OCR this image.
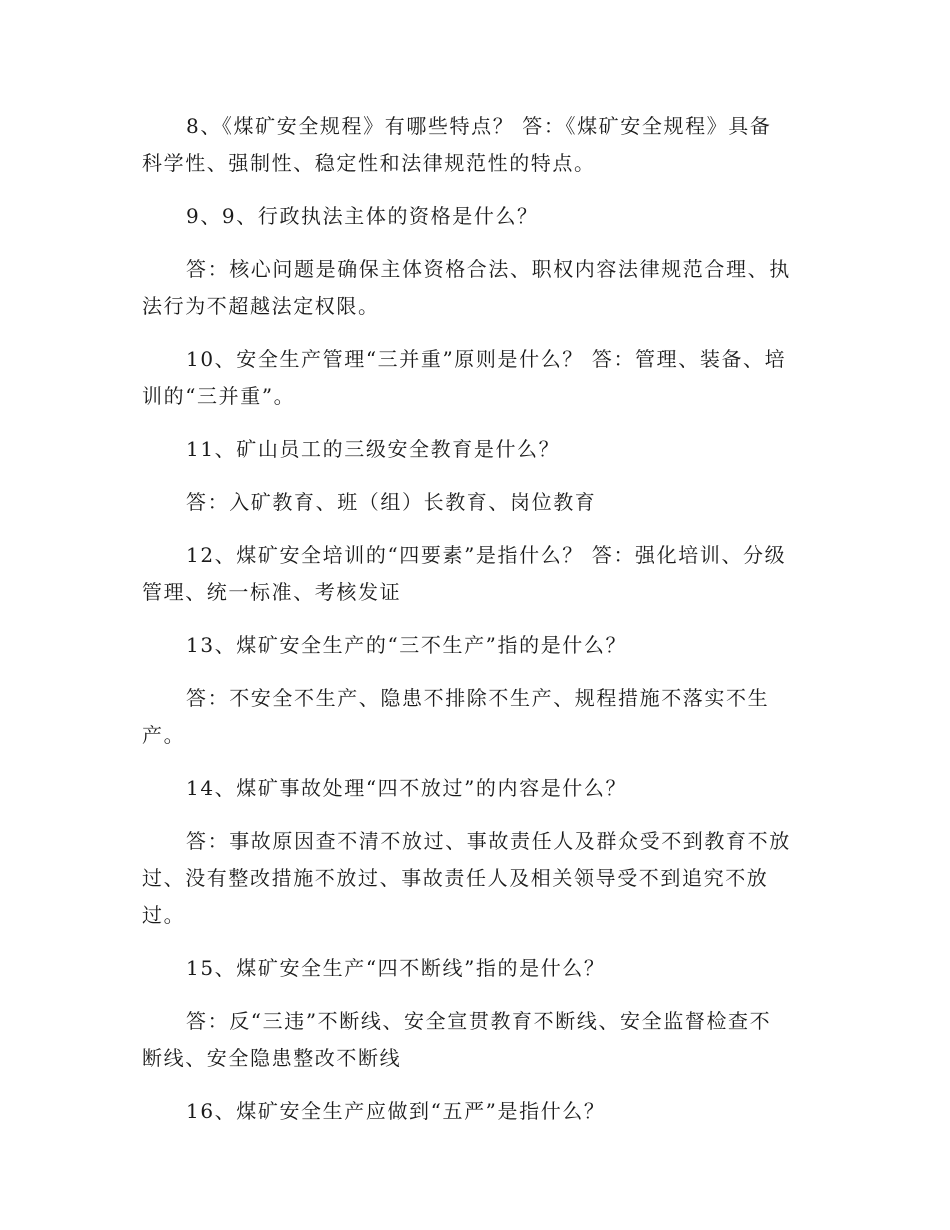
8、《煤矿安全规程》有哪些特点？ 答：《煤矿安全规程》具备
科学性、强制性、稳定性和法律规范性的特点。
9、9、行政执法主体的资格是什么？
答：核心问题是确保主体资格合法、职权内容法律规范合理、执
法行为不超越法定权限。
10、安全生产管理“三并重”原则是什么？ 答：管理、装备、培
训的“三并重”。
11、矿山员工的三级安全教育是什么？
答：入矿教育、班（组）长教育、岗位教育
12、煤矿安全培训的“四要素”是指什么？ 答：强化培训、分级
管理、统一标准、考核发证
13、煤矿安全生产的“三不生产”指的是什么？
答：不安全不生产、隐患不排除不生产、规程措施不落实不生
产。
14、煤矿事故处理“四不放过”的内容是什么？
答：事故原因查不清不放过、事故责任人及群众受不到教育不放
过、没有整改措施不放过、事故责任人及相关领导受不到追究不放
过。
15、煤矿安全生产“四不断线”指的是什么？
答：反“三违”不断线、安全宣贯教育不断线、安全监督检查不
断线、安全隐患整改不断线
16、煤矿安全生产应做到“五严”是指什么？
